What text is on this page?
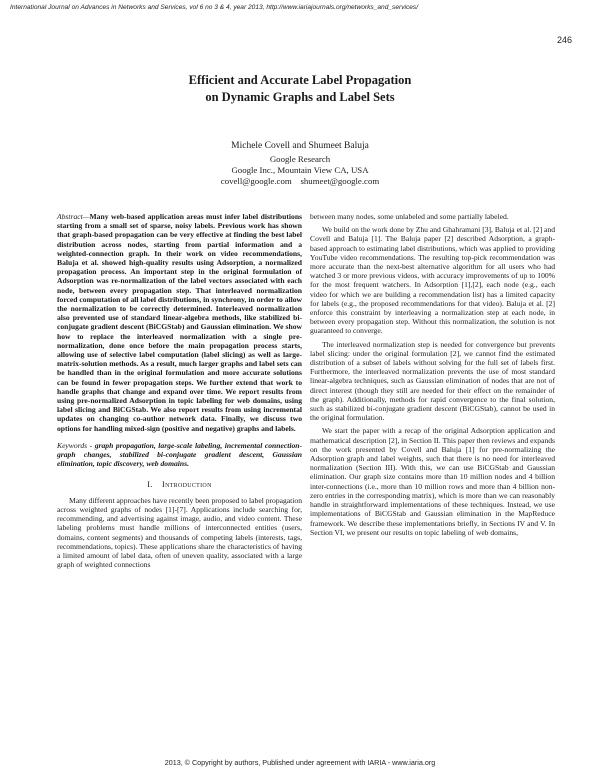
International Journal on Advances in Networks and Services, vol 6 no 3 & 4, year 2013, http://www.iariajournals.org/networks_and_services/
246
Efficient and Accurate Label Propagation
on Dynamic Graphs and Label Sets
Michele Covell and Shumeet Baluja
Google Research
Google Inc., Mountain View CA, USA
covell@google.com    shumeet@google.com

Abstract—Many web-based application areas must infer label distributions starting from a small set of sparse, noisy labels. Previous work has shown that graph-based propagation can be very effective at finding the best label distribution across nodes, starting from partial information and a weighted-connection graph. In their work on video recommendations, Baluja et al. showed high-quality results using Adsorption, a normalized propagation process. An important step in the original formulation of Adsorption was re-normalization of the label vectors associated with each node, between every propagation step. That interleaved normalization forced computation of all label distributions, in synchrony, in order to allow the normalization to be correctly determined. Interleaved normalization also prevented use of standard linear-algebra methods, like stabilized bi-conjugate gradient descent (BiCGStab) and Gaussian elimination. We show how to replace the interleaved normalization with a single pre-normalization, done once before the main propagation process starts, allowing use of selective label computation (label slicing) as well as large-matrix-solution methods. As a result, much larger graphs and label sets can be handled than in the original formulation and more accurate solutions can be found in fewer propagation steps. We further extend that work to handle graphs that change and expand over time. We report results from using pre-normalized Adsorption in topic labeling for web domains, using label slicing and BiCGStab. We also report results from using incremental updates on changing co-author network data. Finally, we discuss two options for handling mixed-sign (positive and negative) graphs and labels.

Keywords - graph propagation, large-scale labeling, incremental connection-graph changes, stabilized bi-conjugate gradient descent, Gaussian elimination, topic discovery, web domains.

I. Introduction

Many different approaches have recently been proposed to label propagation across weighted graphs of nodes [1]-[7]. Applications include searching for, recommending, and advertising against image, audio, and video content. These labeling problems must handle millions of interconnected entities (users, domains, content segments) and thousands of competing labels (interests, tags, recommendations, topics). These applications share the characteristics of having a limited amount of label data, often of uneven quality, associated with a large graph of weighted connections

between many nodes, some unlabeled and some partially labeled.

We build on the work done by Zhu and Ghahramani [3], Baluja et al. [2] and Covell and Baluja [1]. The Baluja paper [2] described Adsorption, a graph-based approach to estimating label distributions, which was applied to providing YouTube video recommendations. The resulting top-pick recommendation was more accurate than the next-best alternative algorithm for all users who had watched 3 or more previous videos, with accuracy improvements of up to 100% for the most frequent watchers. In Adsorption [1],[2], each node (e.g., each video for which we are building a recommendation list) has a limited capacity for labels (e.g., the proposed recommendations for that video). Baluja et al. [2] enforce this constraint by interleaving a normalization step at each node, in between every propagation step. Without this normalization, the solution is not guaranteed to converge.

The interleaved normalization step is needed for convergence but prevents label slicing: under the original formulation [2], we cannot find the estimated distribution of a subset of labels without solving for the full set of labels first. Furthermore, the interleaved normalization prevents the use of most standard linear-algebra techniques, such as Gaussian elimination of nodes that are not of direct interest (though they still are needed for their effect on the remainder of the graph). Additionally, methods for rapid convergence to the final solution, such as stabilized bi-conjugate gradient descent (BiCGStab), cannot be used in the original formulation.

We start the paper with a recap of the original Adsorption application and mathematical description [2], in Section II. This paper then reviews and expands on the work presented by Covell and Baluja [1] for pre-normalizing the Adsorption graph and label weights, such that there is no need for interleaved normalization (Section III). With this, we can use BiCGStab and Gaussian elimination. Our graph size contains more than 10 million nodes and 4 billion inter-connections (i.e., more than 10 million rows and more than 4 billion non-zero entries in the corresponding matrix), which is more than we can reasonably handle in straightforward implementations of these techniques. Instead, we use implementations of BiCGStab and Gaussian elimination in the MapReduce framework. We describe these implementations briefly, in Sections IV and V. In Section VI, we present our results on topic labeling of web domains,

2013, © Copyright by authors, Published under agreement with IARIA - www.iaria.org
